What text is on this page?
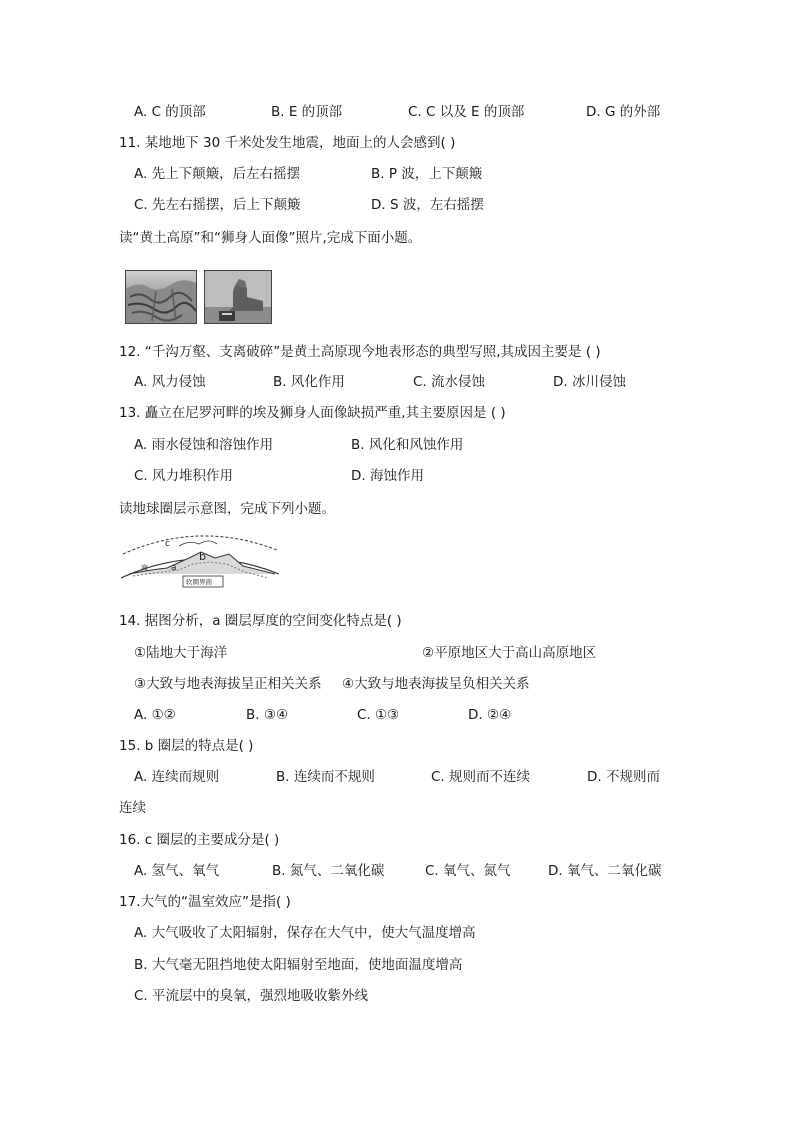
A. C 的顶部	B. E 的顶部	C. C 以及 E 的顶部	D. G 的外部
11. 某地地下 30 千米处发生地震，地面上的人会感到( )
A. 先上下颠簸，后左右摇摆	B. P 波，上下颠簸
C. 先左右摇摆，后上下颠簸	D. S 波，左右摇摆
读“黄土高原”和“狮身人面像”照片,完成下面小题。
12. “千沟万壑、支离破碎”是黄土高原现今地表形态的典型写照,其成因主要是 ( )
A. 风力侵蚀	B. 风化作用	C. 流水侵蚀	D. 冰川侵蚀
13. 矗立在尼罗河畔的埃及狮身人面像缺损严重,其主要原因是 ( )
A. 雨水侵蚀和溶蚀作用	B. 风化和风蚀作用
C. 风力堆积作用	D. 海蚀作用
读地球圈层示意图，完成下列小题。
c
b
a
海
软圈界面
14. 据图分析，a 圈层厚度的空间变化特点是( )
①陆地大于海洋	②平原地区大于高山高原地区
③大致与地表海拔呈正相关关系 ④大致与地表海拔呈负相关关系
A. ①②	B. ③④	C. ①③	D. ②④
15. b 圈层的特点是( )
A. 连续而规则	B. 连续而不规则	C. 规则而不连续	D. 不规则而
连续
16. c 圈层的主要成分是( )
A. 氢气、氧气	B. 氮气、二氧化碳	C. 氧气、氮气	D. 氧气、二氧化碳
17.大气的“温室效应”是指( )
A. 大气吸收了太阳辐射，保存在大气中，使大气温度增高
B. 大气毫无阻挡地使太阳辐射至地面，使地面温度增高
C. 平流层中的臭氧，强烈地吸收紫外线
